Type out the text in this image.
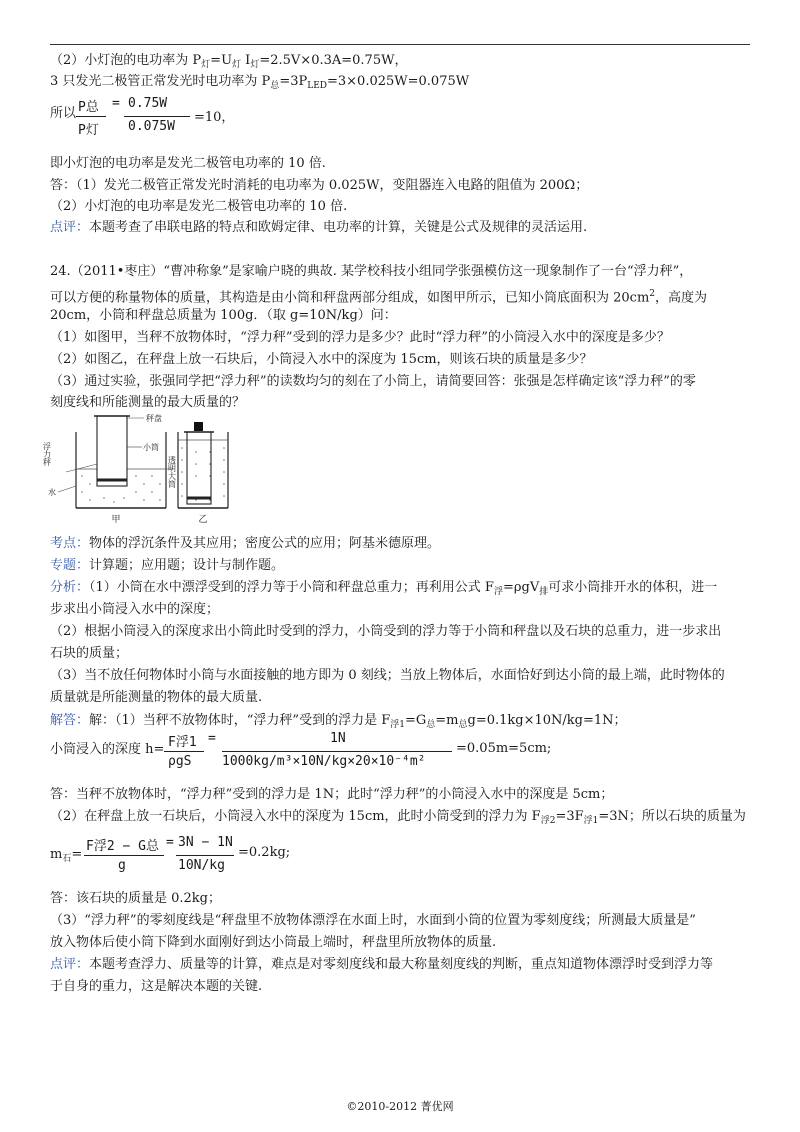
（2）小灯泡的电功率为 $P_灯=U_灯$ $I_灯=2.5V\times 0.3A=0.75W$，
3 只发光二极管正常发光时电功率为 $P_总=3P_{LED}=3\times 0.025W=0.075W$
所以 P总
P灯
= 0.75W
0.075W
=10，
即小灯泡的电功率是发光二极管电功率的 10 倍.
答：（1）发光二极管正常发光时消耗的电功率为 0.025W，变阻器连入电路的阻值为 200Ω；
（2）小灯泡的电功率是发光二极管电功率的 10 倍.
点评：本题考查了串联电路的特点和欧姆定律、电功率的计算，关键是公式及规律的灵活运用.
24.（2011•枣庄）“曹冲称象”是家喻户晓的典故. 某学校科技小组同学张强模仿这一现象制作了一台“浮力秤”，
可以方便的称量物体的质量，其构造是由小筒和秤盘两部分组成，如图甲所示，已知小筒底面积为 $20cm^2$，高度为
20cm，小筒和秤盘总质量为 100g．（取 g=10N/kg）问：
（1）如图甲，当秤不放物体时，“浮力秤”受到的浮力是多少？此时“浮力秤”的小筒浸入水中的深度是多少？
（2）如图乙，在秤盘上放一石块后，小筒浸入水中的深度为 15cm，则该石块的质量是多少？
（3）通过实验，张强同学把“浮力秤”的读数均匀的刻在了小筒上，请简要回答：张强是怎样确定该“浮力秤”的零
刻度线和所能测量的最大质量的？
秤盘
小筒
浮力秤
透明大筒
水
甲	乙
考点：物体的浮沉条件及其应用；密度公式的应用；阿基米德原理。
专题：计算题；应用题；设计与制作题。
分析：（1）小筒在水中漂浮受到的浮力等于小筒和秤盘总重力；再利用公式 $F_浮=\rho gV_排$可求小筒排开水的体积，进一
步求出小筒浸入水中的深度；
（2）根据小筒浸入的深度求出小筒此时受到的浮力，小筒受到的浮力等于小筒和秤盘以及石块的总重力，进一步求出
石块的质量；
（3）当不放任何物体时小筒与水面接触的地方即为 0 刻线；当放上物体后，水面恰好到达小筒的最上端，此时物体的
质量就是所能测量的物体的最大质量.
解答：解：（1）当秤不放物体时，“浮力秤”受到的浮力是 $F_{浮1}=G_总=m_总g=0.1kg\times 10N/kg=1N$；
小筒浸入的深度 h= F浮1
ρgS
=	1N
1000kg/m³×10N/kg×20×10⁻⁴m²
=0.05m=5cm;
答：当秤不放物体时，“浮力秤”受到的浮力是 1N；此时“浮力秤”的小筒浸入水中的深度是 5cm；
（2）在秤盘上放一石块后，小筒浸入水中的深度为 15cm，此时小筒受到的浮力为 $F_{浮2}=3F_{浮1}=3N$；所以石块的质量为
$m_石=$
F浮2 − G总
g
= 3N − 1N
10N/kg
=0.2kg;
答：该石块的质量是 0.2kg；
（3）“浮力秤”的零刻度线是“秤盘里不放物体漂浮在水面上时，水面到小筒的位置为零刻度线；所测最大质量是”
放入物体后使小筒下降到水面刚好到达小筒最上端时，秤盘里所放物体的质量.
点评：本题考查浮力、质量等的计算，难点是对零刻度线和最大称量刻度线的判断，重点知道物体漂浮时受到浮力等
于自身的重力，这是解决本题的关键.
©2010-2012 菁优网
